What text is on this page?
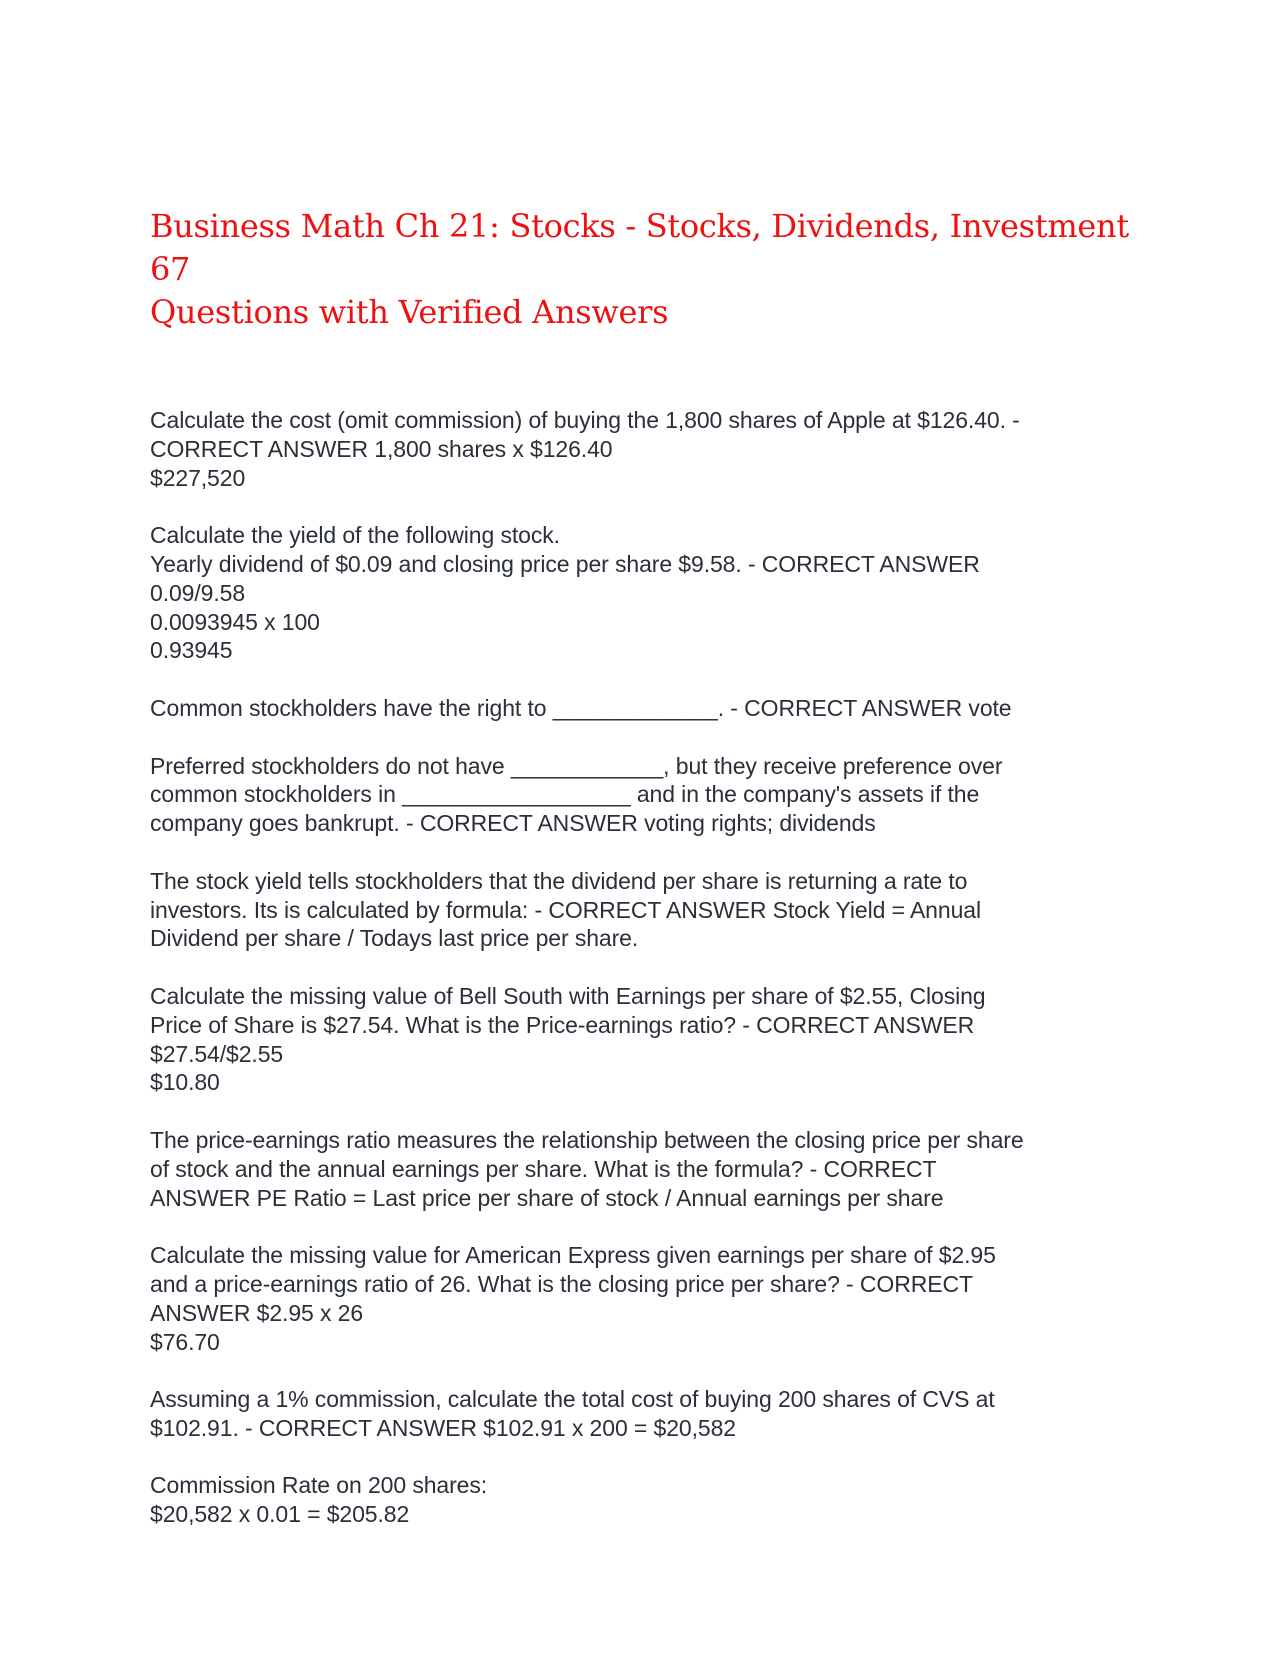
Business Math Ch 21: Stocks - Stocks, Dividends, Investment 67
Questions with Verified Answers
Calculate the cost (omit commission) of buying the 1,800 shares of Apple at $126.40. -
CORRECT ANSWER 1,800 shares x $126.40
$227,520
Calculate the yield of the following stock.
Yearly dividend of $0.09 and closing price per share $9.58. - CORRECT ANSWER
0.09/9.58
0.0093945 x 100
0.93945
Common stockholders have the right to _____________. - CORRECT ANSWER vote
Preferred stockholders do not have ____________, but they receive preference over
common stockholders in __________________ and in the company's assets if the
company goes bankrupt. - CORRECT ANSWER voting rights; dividends
The stock yield tells stockholders that the dividend per share is returning a rate to
investors. Its is calculated by formula: - CORRECT ANSWER Stock Yield = Annual
Dividend per share / Todays last price per share.
Calculate the missing value of Bell South with Earnings per share of $2.55, Closing
Price of Share is $27.54. What is the Price-earnings ratio? - CORRECT ANSWER
$27.54/$2.55
$10.80
The price-earnings ratio measures the relationship between the closing price per share
of stock and the annual earnings per share. What is the formula? - CORRECT
ANSWER PE Ratio = Last price per share of stock / Annual earnings per share
Calculate the missing value for American Express given earnings per share of $2.95
and a price-earnings ratio of 26. What is the closing price per share? - CORRECT
ANSWER $2.95 x 26
$76.70
Assuming a 1% commission, calculate the total cost of buying 200 shares of CVS at
$102.91. - CORRECT ANSWER $102.91 x 200 = $20,582
Commission Rate on 200 shares:
$20,582 x 0.01 = $205.82
